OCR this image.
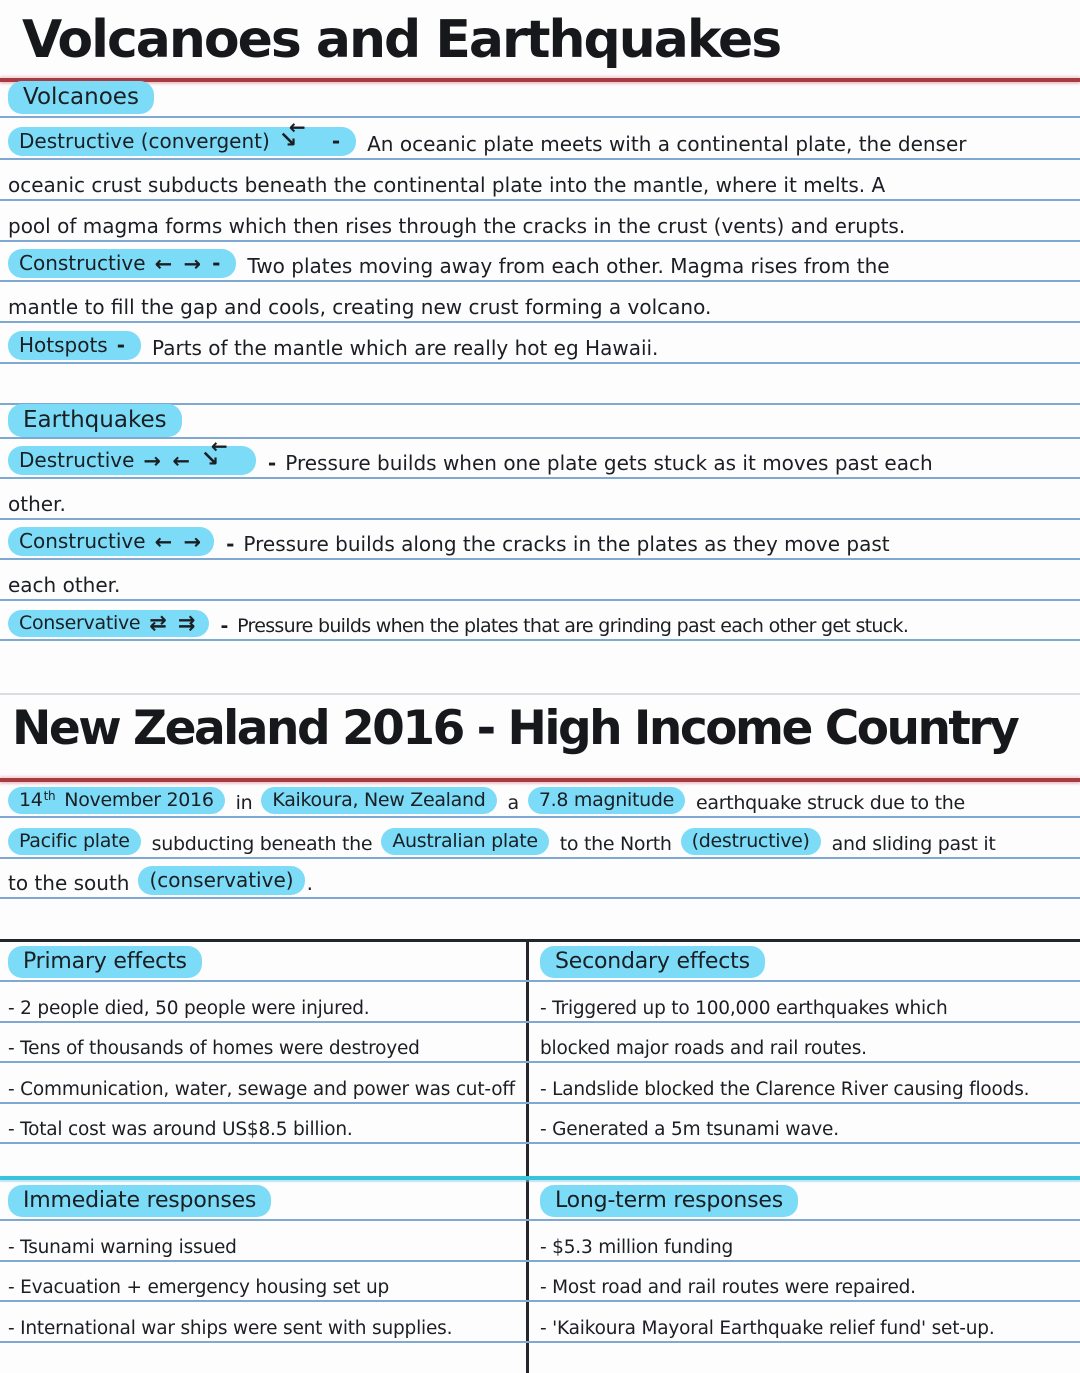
Volcanoes and Earthquakes
Volcanoes
Destructive (convergent)
←
↘ - An oceanic plate meets with a continental plate, the denser
oceanic crust subducts beneath the continental plate into the mantle, where it melts. A
pool of magma forms which then rises through the cracks in the crust (vents) and erupts.
Constructive ← → - Two plates moving away from each other. Magma rises from the
mantle to fill the gap and cools, creating new crust forming a volcano.
Hotspots - Parts of the mantle which are really hot eg Hawaii.
Earthquakes
Destructive → ←
←
↘ - Pressure builds when one plate gets stuck as it moves past each
other.
Constructive ← → - Pressure builds along the cracks in the plates as they move past
each other.
Conservative ⇄ ⇉ - Pressure builds when the plates that are grinding past each other get stuck.
New Zealand 2016 - High Income Country
14th November 2016 in Kaikoura, New Zealand a 7.8 magnitude earthquake struck due to the
Pacific plate subducting beneath the Australian plate to the North (destructive) and sliding past it
to the south (conservative) .
Primary effects	Secondary effects
- 2 people died, 50 people were injured.	- Triggered up to 100,000 earthquakes which
- Tens of thousands of homes were destroyed	blocked major roads and rail routes.
- Communication, water, sewage and power was cut-off	- Landslide blocked the Clarence River causing floods.
- Total cost was around US$8.5 billion.	- Generated a 5m tsunami wave.
Immediate responses	Long-term responses
- Tsunami warning issued	- $5.3 million funding
- Evacuation + emergency housing set up	- Most road and rail routes were repaired.
- International war ships were sent with supplies.	- 'Kaikoura Mayoral Earthquake relief fund' set-up.
